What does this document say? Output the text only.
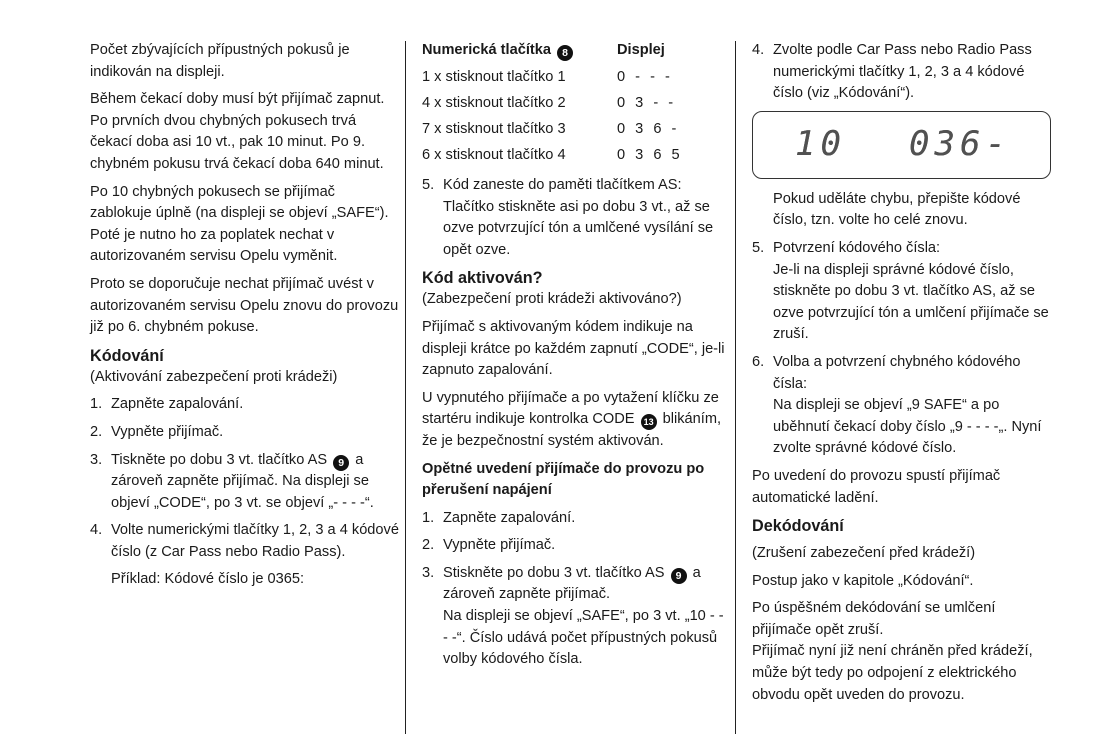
Počet zbývajících přípustných pokusů je indikován na displeji.

Během čekací doby musí být přijímač zapnut. Po prvních dvou chybných pokusech trvá čekací doba asi 10 vt., pak 10 minut. Po 9. chybném pokusu trvá čekací doba 640 minut.

Po 10 chybných pokusech se přijímač zablokuje úplně (na displeji se objeví „SAFE“). Poté je nutno ho za poplatek nechat v autorizovaném servisu Opelu vyměnit.

Proto se doporučuje nechat přijímač uvést v autorizovaném servisu Opelu znovu do provozu již po 6. chybném pokuse.

Kódování
(Aktivování zabezpečení proti krádeži)
1. Zapněte zapalování.
2. Vypněte přijímač.
3. Tiskněte po dobu 3 vt. tlačítko AS 9 a zároveň zapněte přijímač. Na displeji se objeví „CODE“, po 3 vt. se objeví „- - - -“.
4. Volte numerickými tlačítky 1, 2, 3 a 4 kódové číslo (z Car Pass nebo Radio Pass).
Příklad: Kódové číslo je 0365:
Numerická tlačítka 8	Displej
1 x stisknout tlačítko 1	0 - - -
4 x stisknout tlačítko 2	0 3 - -
7 x stisknout tlačítko 3	0 3 6 -
6 x stisknout tlačítko 4	0 3 6 5
5. Kód zaneste do paměti tlačítkem AS: Tlačítko stiskněte asi po dobu 3 vt., až se ozve potvrzující tón a umlčené vysílání se opět ozve.
Kód aktivován?
(Zabezpečení proti krádeži aktivováno?)

Přijímač s aktivovaným kódem indikuje na displeji krátce po každém zapnutí „CODE“, je-li zapnuto zapalování.

U vypnutého přijímače a po vytažení klíčku ze startéru indikuje kontrolka CODE 13 blikáním, že je bezpečnostní systém aktivován.

Opětné uvedení přijímače do provozu po přerušení napájení
1. Zapněte zapalování.
2. Vypněte přijímač.
3. Stiskněte po dobu 3 vt. tlačítko AS 9 a zároveň zapněte přijímač.
Na displeji se objeví „SAFE“, po 3 vt. „10 - - - -“. Číslo udává počet přípustných pokusů volby kódového čísla.
4. Zvolte podle Car Pass nebo Radio Pass numerickými tlačítky 1, 2, 3 a 4 kódové číslo (viz „Kódování“).
10 036-

Pokud uděláte chybu, přepište kódové číslo, tzn. volte ho celé znovu.

5. Potvrzení kódového čísla:
Je-li na displeji správné kódové číslo, stiskněte po dobu 3 vt. tlačítko AS, až se ozve potvrzující tón a umlčení přijímače se zruší.
6. Volba a potvrzení chybného kódového čísla:
Na displeji se objeví „9 SAFE“ a po uběhnutí čekací doby číslo „9 - - - -„. Nyní zvolte správné kódové číslo.

Po uvedení do provozu spustí přijímač automatické ladění.

Dekódování

(Zrušení zabezečení před krádeží)

Postup jako v kapitole „Kódování“.

Po úspěšném dekódování se umlčení přijímače opět zruší.

Přijímač nyní již není chráněn před krádeží, může být tedy po odpojení z elektrického obvodu opět uveden do provozu.
